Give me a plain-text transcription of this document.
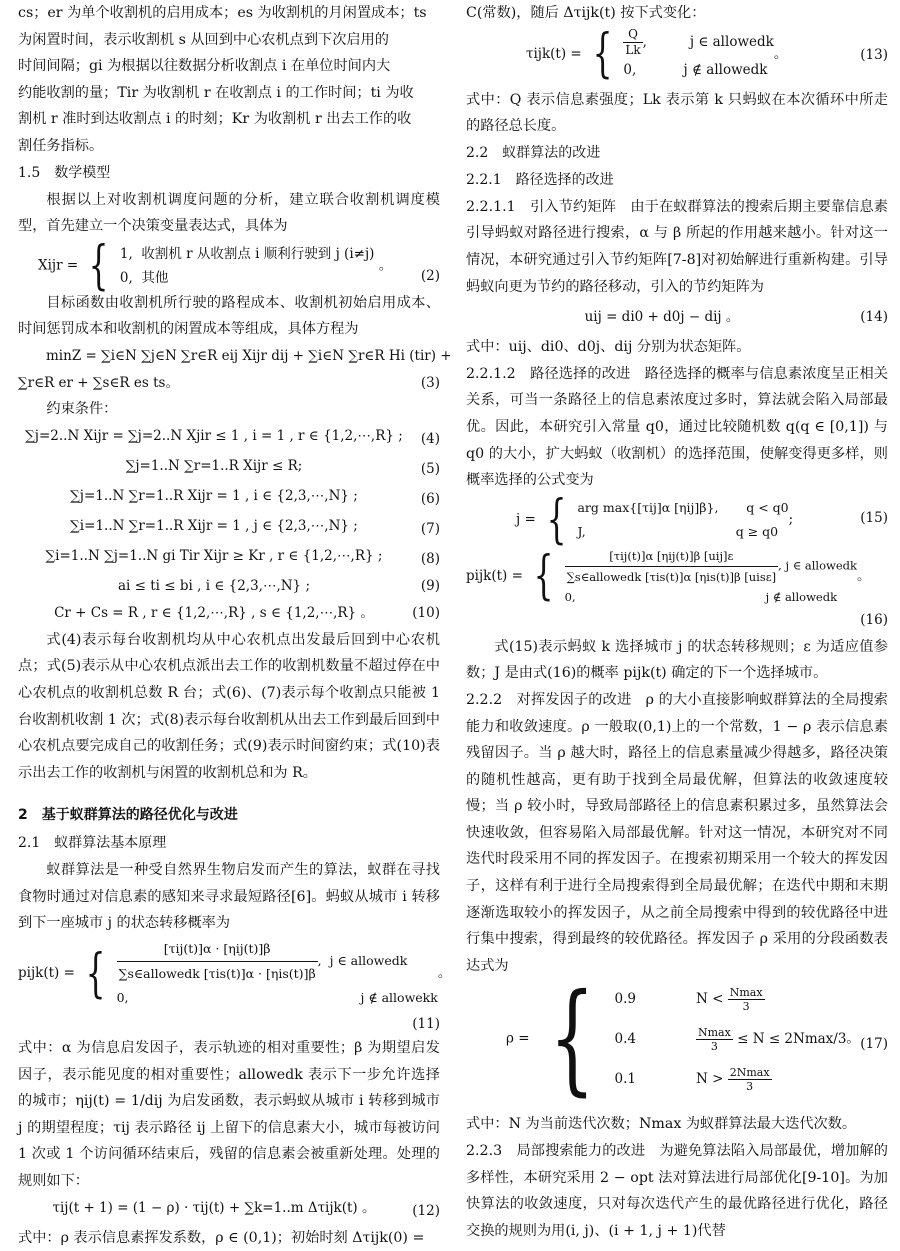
cs；er 为单个收割机的启用成本；es 为收割机的月闲置成本；ts

为闲置时间，表示收割机 s 从回到中心农机点到下次启用的

时间间隔；gi 为根据以往数据分析收割点 i 在单位时间内大

约能收割的量；Tir 为收割机 r 在收割点 i 的工作时间；ti 为收

割机 r 准时到达收割点 i 的时刻；Kr 为收割机 r 出去工作的收

割任务指标。

1.5　数学模型

根据以上对收割机调度问题的分析，建立联合收割机调度模型，首先建立一个决策变量表达式，具体为

Xijr = { 1, 收割机 r 从收割点 i 顺利行驶到 j (i≠j)
0, 其他 。
(2)

目标函数由收割机所行驶的路程成本、收割机初始启用成本、时间惩罚成本和收割机的闲置成本等组成，具体方程为

minZ = ∑i∈N ∑j∈N ∑r∈R eij Xijr dij + ∑i∈N ∑r∈R Hi (tir) +

∑r∈R er + ∑s∈R es ts。	(3)

约束条件：

∑j=2..N Xijr = ∑j=2..N Xjir ≤ 1 , i = 1 , r ∈ {1,2,⋯,R} ;	(4)
∑j=1..N ∑r=1..R Xijr ≤ R;	(5)
∑j=1..N ∑r=1..R Xijr = 1 , i ∈ {2,3,⋯,N} ;	(6)
∑i=1..N ∑r=1..R Xijr = 1 , j ∈ {2,3,⋯,N} ;	(7)
∑i=1..N ∑j=1..N gi Tir Xijr ≥ Kr , r ∈ {1,2,⋯,R} ;	(8)
ai ≤ ti ≤ bi , i ∈ {2,3,⋯,N} ;	(9)
Cr + Cs = R , r ∈ {1,2,⋯,R} , s ∈ {1,2,⋯,R} 。	(10)

式(4)表示每台收割机均从中心农机点出发最后回到中心农机点；式(5)表示从中心农机点派出去工作的收割机数量不超过停在中心农机点的收割机总数 R 台；式(6)、(7)表示每个收割点只能被 1 台收割机收割 1 次；式(8)表示每台收割机从出去工作到最后回到中心农机点要完成自己的收割任务；式(9)表示时间窗约束；式(10)表示出去工作的收割机与闲置的收割机总和为 R。

2　基于蚁群算法的路径优化与改进

2.1　蚁群算法基本原理

蚁群算法是一种受自然界生物启发而产生的算法，蚁群在寻找食物时通过对信息素的感知来寻求最短路径[6]。蚂蚁从城市 i 转移到下一座城市 j 的状态转移概率为

pijk(t) = {	[τij(t)]α · [ηij(t)]β
∑s∈allowedk [τis(t)]α · [ηis(t)]β
,  j ∈ allowedk
0,	j ∉ allowekk。
(11)

式中：α 为信息启发因子，表示轨迹的相对重要性；β 为期望启发因子，表示能见度的相对重要性；allowedk 表示下一步允许选择的城市；ηij(t) = 1/dij 为启发函数，表示蚂蚁从城市 i 转移到城市 j 的期望程度；τij 表示路径 ij 上留下的信息素大小，城市每被访问 1 次或 1 个访问循环结束后，残留的信息素会被重新处理。处理的规则如下：

τij(t + 1) = (1 − ρ) · τij(t) + ∑k=1..m Δτijk(t) 。	(12)

式中：ρ 表示信息素挥发系数，ρ ∈ (0,1)；初始时刻 Δτijk(0) =

C(常数)，随后 Δτijk(t) 按下式变化：

τijk(t) = { $\frac{Q}{Lk}$ ,          j ∈ allowedk
0,	j ∉ allowedk。	(13)

式中：Q 表示信息素强度；Lk 表示第 k 只蚂蚁在本次循环中所走的路径总长度。

2.2　蚁群算法的改进

2.2.1　路径选择的改进

2.2.1.1　引入节约矩阵　由于在蚁群算法的搜索后期主要靠信息素引导蚂蚁对路径进行搜索，α 与 β 所起的作用越来越小。针对这一情况，本研究通过引入节约矩阵[7-8]对初始解进行重新构建。引导蚂蚁向更为节约的路径移动，引入的节约矩阵为

uij = di0 + d0j − dij 。	(14)

式中：uij、di0、d0j、dij 分别为状态矩阵。

2.2.1.2　路径选择的改进　路径选择的概率与信息素浓度呈正相关关系，可当一条路径上的信息素浓度过多时，算法就会陷入局部最优。因此，本研究引入常量 q0，通过比较随机数 q(q ∈ [0,1]) 与 q0 的大小，扩大蚂蚁（收割机）的选择范围，使解变得更多样，则概率选择的公式变为

j = { arg max{[τij]α [ηij]β}, q < q0
J,	q ≥ q0;	(15)
pijk(t) = {	[τij(t)]α [ηij(t)]β [uij]ε
∑s∈allowedk [τis(t)]α [ηis(t)]β [uisε]
, j ∈ allowedk
0,	j ∉ allowedk。
(16)

式(15)表示蚂蚁 k 选择城市 j 的状态转移规则；ε 为适应值参数；J 是由式(16)的概率 pijk(t) 确定的下一个选择城市。

2.2.2　对挥发因子的改进　ρ 的大小直接影响蚁群算法的全局搜索能力和收敛速度。ρ 一般取(0,1)上的一个常数，1 − ρ 表示信息素残留因子。当 ρ 越大时，路径上的信息素量减少得越多，路径决策的随机性越高，更有助于找到全局最优解，但算法的收敛速度较慢；当 ρ 较小时，导致局部路径上的信息素积累过多，虽然算法会快速收敛，但容易陷入局部最优解。针对这一情况，本研究对不同迭代时段采用不同的挥发因子。在搜索初期采用一个较大的挥发因子，这样有利于进行全局搜索得到全局最优解；在迭代中期和末期逐渐选取较小的挥发因子，从之前全局搜索中得到的较优路径中进行集中搜索，得到最终的较优路径。挥发因子 ρ 采用的分段函数表达式为

ρ = { 0.9	N < Nmax
3

0.4	Nmax
3	≤ N ≤ 2Nmax/3
0.1	N > 2Nmax
3
。 (17)

式中：N 为当前迭代次数；Nmax 为蚁群算法最大迭代次数。

2.2.3　局部搜索能力的改进　为避免算法陷入局部最优，增加解的多样性，本研究采用 2 − opt 法对算法进行局部优化[9-10]。为加快算法的收敛速度，只对每次迭代产生的最优路径进行优化，路径交换的规则为用(i, j)、(i + 1, j + 1)代替
